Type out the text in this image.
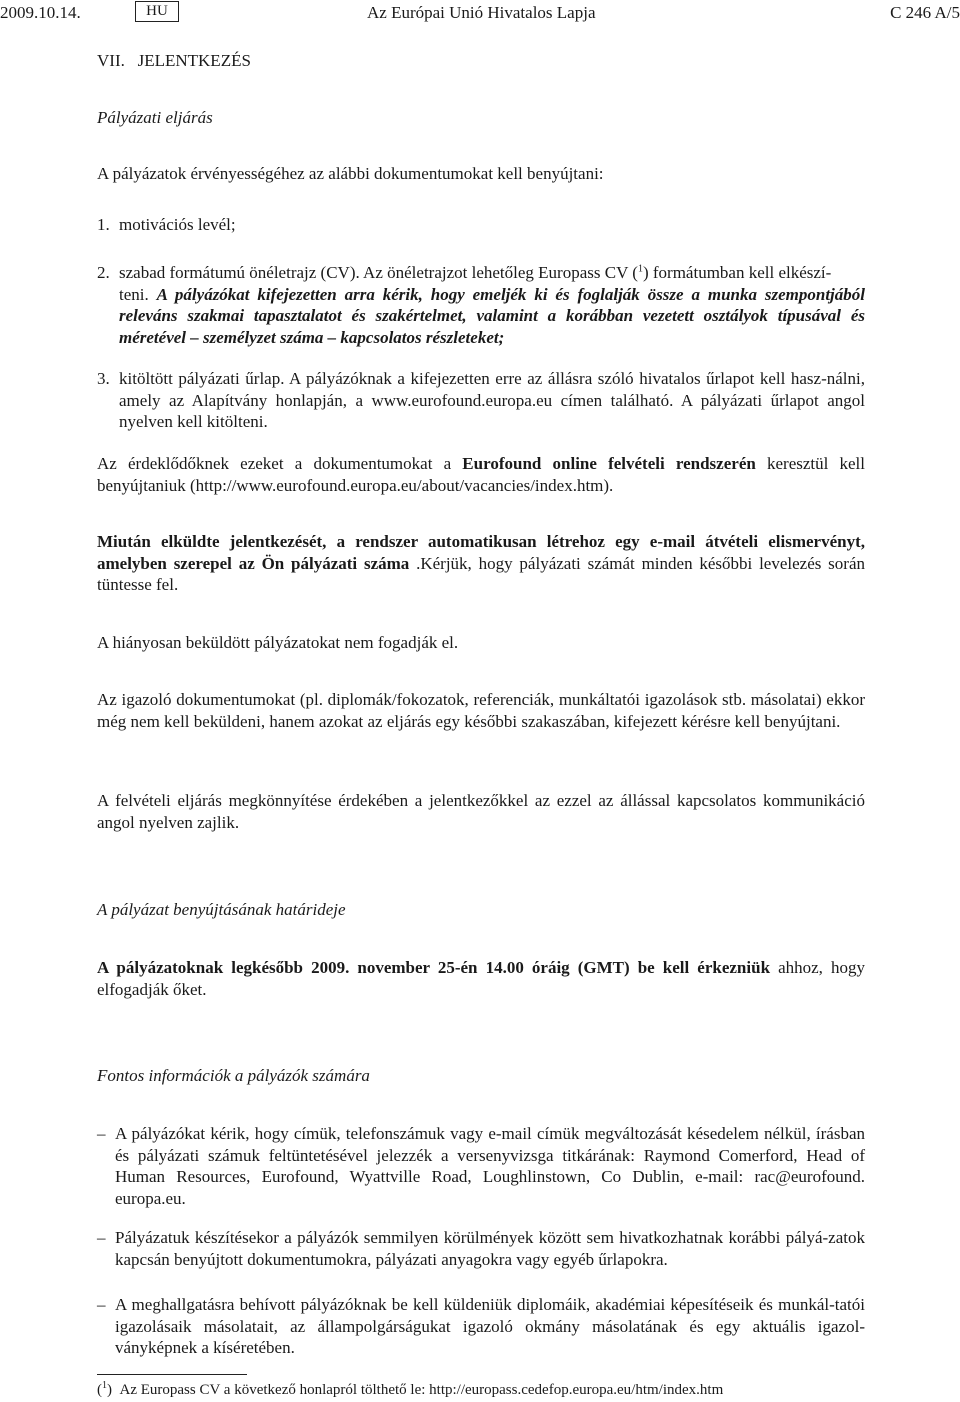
2009.10.14.	HU	Az Európai Unió Hivatalos Lapja	C 246 A/5
VII.   JELENTKEZÉS
Pályázati eljárás
A pályázatok érvényességéhez az alábbi dokumentumokat kell benyújtani:
1. motivációs levél;
2. szabad formátumú önéletrajz (CV). Az önéletrajzot lehetőleg Europass CV ($^1$) formátumban kell elkészí-
teni. A pályázókat kifejezetten arra kérik, hogy emeljék ki és foglalják össze a munka szempontjából releváns szakmai tapasztalatot és szakértelmet, valamint a korábban vezetett osztályok típusával és méretével – személyzet száma – kapcsolatos részleteket;
3. kitöltött pályázati űrlap. A pályázóknak a kifejezetten erre az állásra szóló hivatalos űrlapot kell hasz-nálni, amely az Alapítvány honlapján, a www.eurofound.europa.eu címen található. A pályázati űrlapot angol nyelven kell kitölteni.
Az érdeklődőknek ezeket a dokumentumokat a Eurofound online felvételi rendszerén keresztül kell benyújtaniuk (http://www.eurofound.europa.eu/about/vacancies/index.htm).
Miután elküldte jelentkezését, a rendszer automatikusan létrehoz egy e-mail átvételi elismervényt, amelyben szerepel az Ön pályázati száma .Kérjük, hogy pályázati számát minden későbbi levelezés során tüntesse fel.
A hiányosan beküldött pályázatokat nem fogadják el.
Az igazoló dokumentumokat (pl. diplomák/fokozatok, referenciák, munkáltatói igazolások stb. másolatai) ekkor még nem kell beküldeni, hanem azokat az eljárás egy későbbi szakaszában, kifejezett kérésre kell benyújtani.
A felvételi eljárás megkönnyítése érdekében a jelentkezőkkel az ezzel az állással kapcsolatos kommunikáció angol nyelven zajlik.
A pályázat benyújtásának határideje
A pályázatoknak legkésőbb 2009. november 25-én 14.00 óráig (GMT) be kell érkezniük ahhoz, hogy elfogadják őket.
Fontos információk a pályázók számára
– A pályázókat kérik, hogy címük, telefonszámuk vagy e-mail címük megváltozását késedelem nélkül, írásban és pályázati számuk feltüntetésével jelezzék a versenyvizsga titkárának: Raymond Comerford, Head of Human Resources, Eurofound, Wyattville Road, Loughlinstown, Co Dublin, e-mail: rac@eurofound. europa.eu.
– Pályázatuk készítésekor a pályázók semmilyen körülmények között sem hivatkozhatnak korábbi pályá-zatok kapcsán benyújtott dokumentumokra, pályázati anyagokra vagy egyéb űrlapokra.
– A meghallgatásra behívott pályázóknak be kell küldeniük diplomáik, akadémiai képesítéseik és munkál-tatói igazolásaik másolatait, az állampolgárságukat igazoló okmány másolatának és egy aktuális igazol-ványképnek a kíséretében.
($^1$)  Az Europass CV a következő honlapról tölthető le: http://europass.cedefop.europa.eu/htm/index.htm
